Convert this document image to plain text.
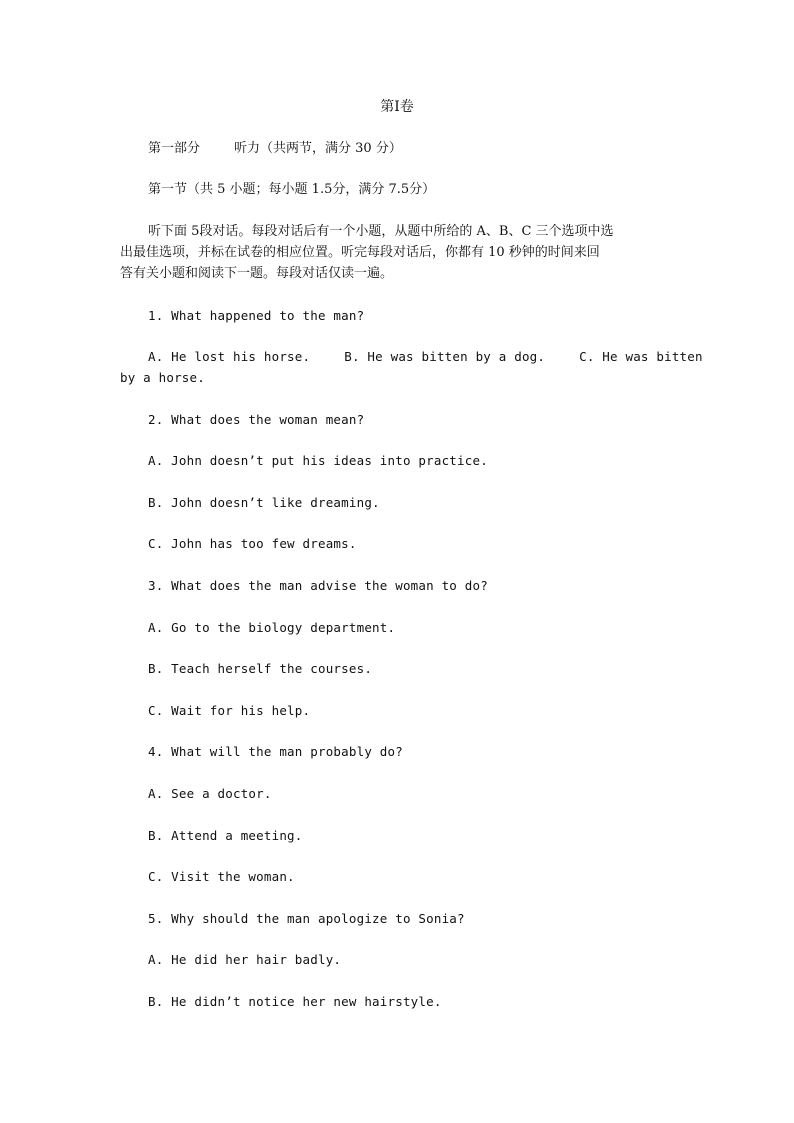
第Ⅰ卷
第一部分	听力（共两节，满分 30 分）
第一节（共 5 小题；每小题 1.5分，满分 7.5分）
听下面 5段对话。每段对话后有一个小题，从题中所给的 A、B、C 三个选项中选
出最佳选项，并标在试卷的相应位置。听完每段对话后，你都有 10 秒钟的时间来回
答有关小题和阅读下一题。每段对话仅读一遍。
1. What happened to the man?
A. He lost his horse.	B. He was bitten by a dog.	C. He was bitten
by a horse.
2. What does the woman mean?
A. John doesn’t put his ideas into practice.
B. John doesn’t like dreaming.
C. John has too few dreams.
3. What does the man advise the woman to do?
A. Go to the biology department.
B. Teach herself the courses.
C. Wait for his help.
4. What will the man probably do?
A. See a doctor.
B. Attend a meeting.
C. Visit the woman.
5. Why should the man apologize to Sonia?
A. He did her hair badly.
B. He didn’t notice her new hairstyle.
